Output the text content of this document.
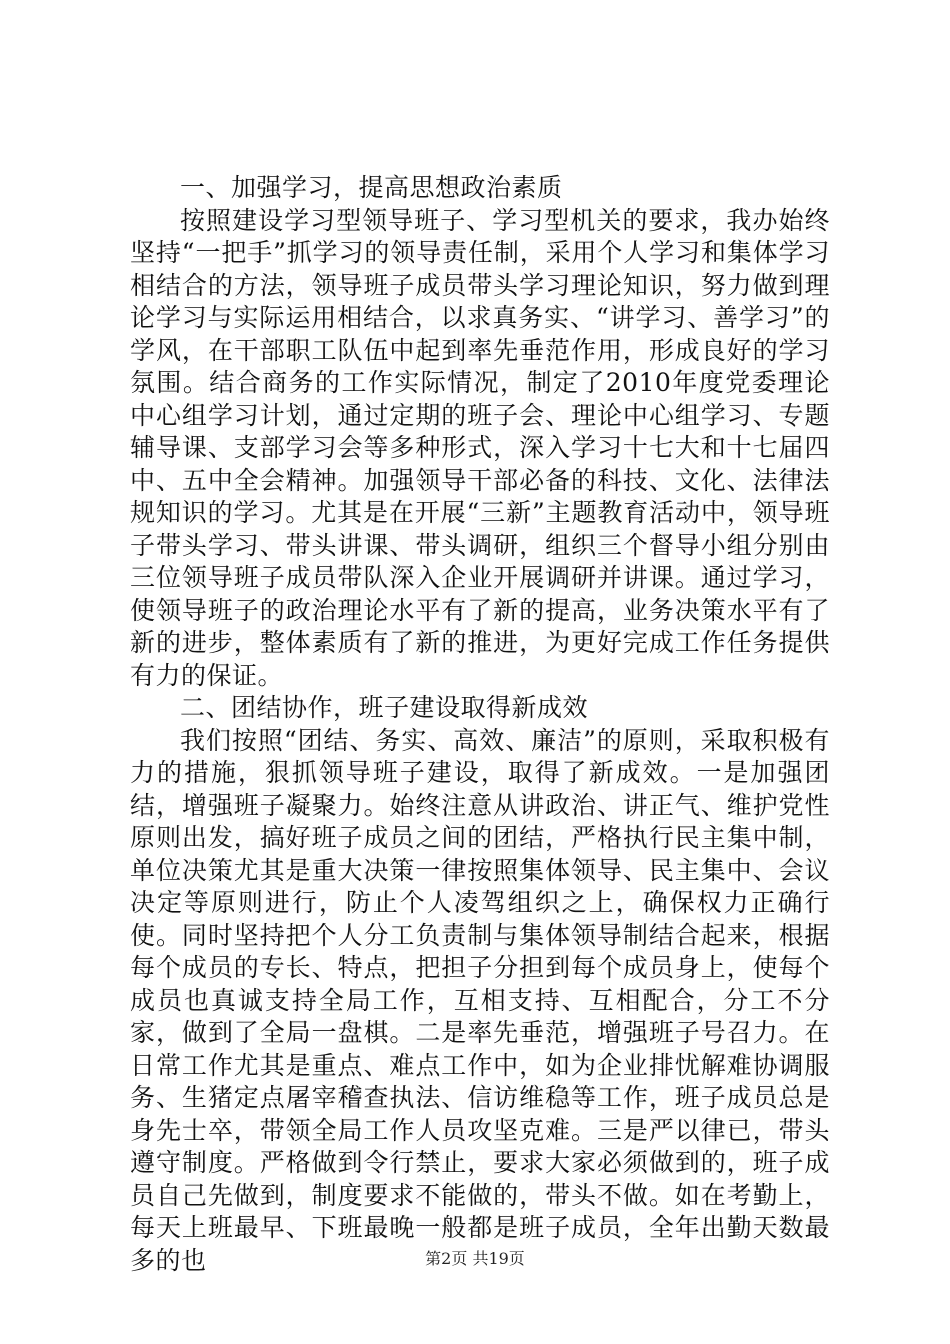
一、加强学习，提高思想政治素质

按照建设学习型领导班子、学习型机关的要求，我办始终坚持“一把手”抓学习的领导责任制，采用个人学习和集体学习相结合的方法，领导班子成员带头学习理论知识，努力做到理论学习与实际运用相结合，以求真务实、“讲学习、善学习”的学风，在干部职工队伍中起到率先垂范作用，形成良好的学习氛围。结合商务的工作实际情况，制定了2010年度党委理论中心组学习计划，通过定期的班子会、理论中心组学习、专题辅导课、支部学习会等多种形式，深入学习十七大和十七届四中、五中全会精神。加强领导干部必备的科技、文化、法律法规知识的学习。尤其是在开展“三新”主题教育活动中，领导班子带头学习、带头讲课、带头调研，组织三个督导小组分别由三位领导班子成员带队深入企业开展调研并讲课。通过学习，使领导班子的政治理论水平有了新的提高，业务决策水平有了新的进步，整体素质有了新的推进，为更好完成工作任务提供有力的保证。

二、团结协作，班子建设取得新成效

我们按照“团结、务实、高效、廉洁”的原则，采取积极有力的措施，狠抓领导班子建设，取得了新成效。一是加强团结，增强班子凝聚力。始终注意从讲政治、讲正气、维护党性原则出发，搞好班子成员之间的团结，严格执行民主集中制，单位决策尤其是重大决策一律按照集体领导、民主集中、会议决定等原则进行，防止个人凌驾组织之上，确保权力正确行使。同时坚持把个人分工负责制与集体领导制结合起来，根据每个成员的专长、特点，把担子分担到每个成员身上，使每个成员也真诚支持全局工作，互相支持、互相配合，分工不分家，做到了全局一盘棋。二是率先垂范，增强班子号召力。在日常工作尤其是重点、难点工作中，如为企业排忧解难协调服务、生猪定点屠宰稽查执法、信访维稳等工作，班子成员总是身先士卒，带领全局工作人员攻坚克难。三是严以律已，带头遵守制度。严格做到令行禁止，要求大家必须做到的，班子成员自己先做到，制度要求不能做的，带头不做。如在考勤上，每天上班最早、下班最晚一般都是班子成员，全年出勤天数最多的也	第2页 共19页
